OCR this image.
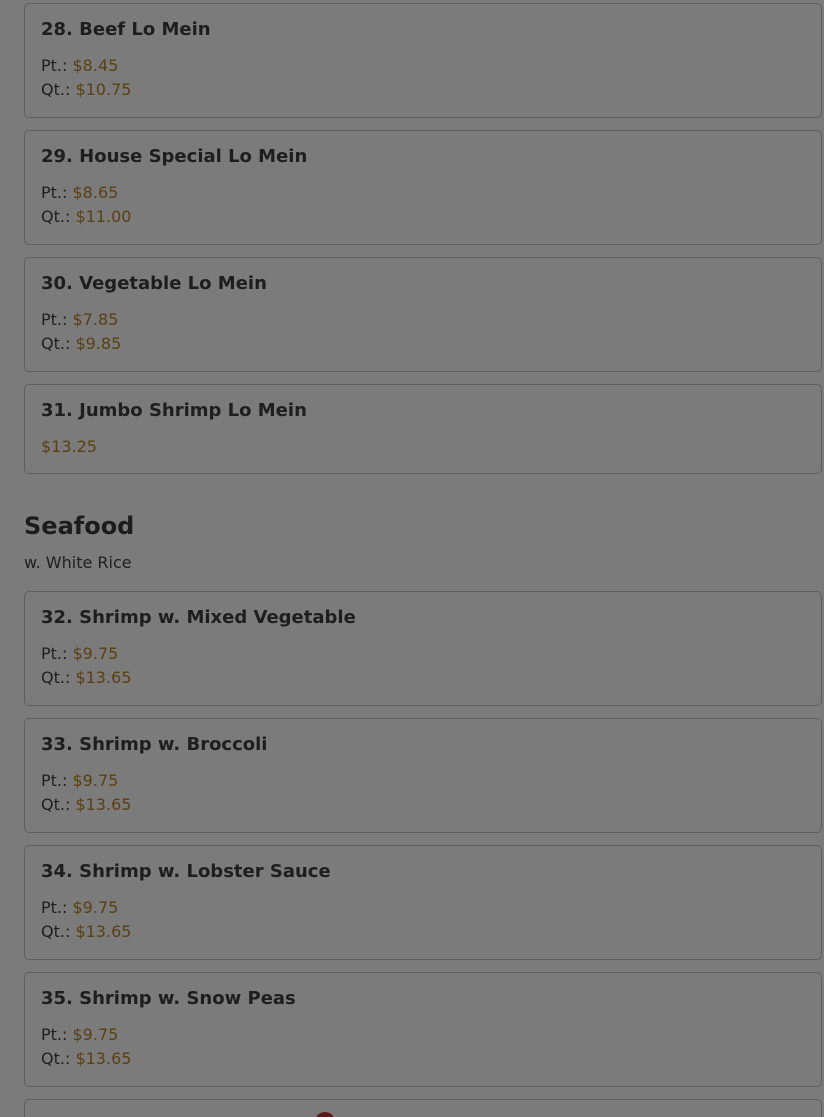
28. Beef Lo Mein
Pt.: $8.45
Qt.: $10.75
29. House Special Lo Mein
Pt.: $8.65
Qt.: $11.00
30. Vegetable Lo Mein
Pt.: $7.85
Qt.: $9.85
31. Jumbo Shrimp Lo Mein
$13.25
Seafood
w. White Rice
32. Shrimp w. Mixed Vegetable
Pt.: $9.75
Qt.: $13.65
33. Shrimp w. Broccoli
Pt.: $9.75
Qt.: $13.65
34. Shrimp w. Lobster Sauce
Pt.: $9.75
Qt.: $13.65
35. Shrimp w. Snow Peas
Pt.: $9.75
Qt.: $13.65
